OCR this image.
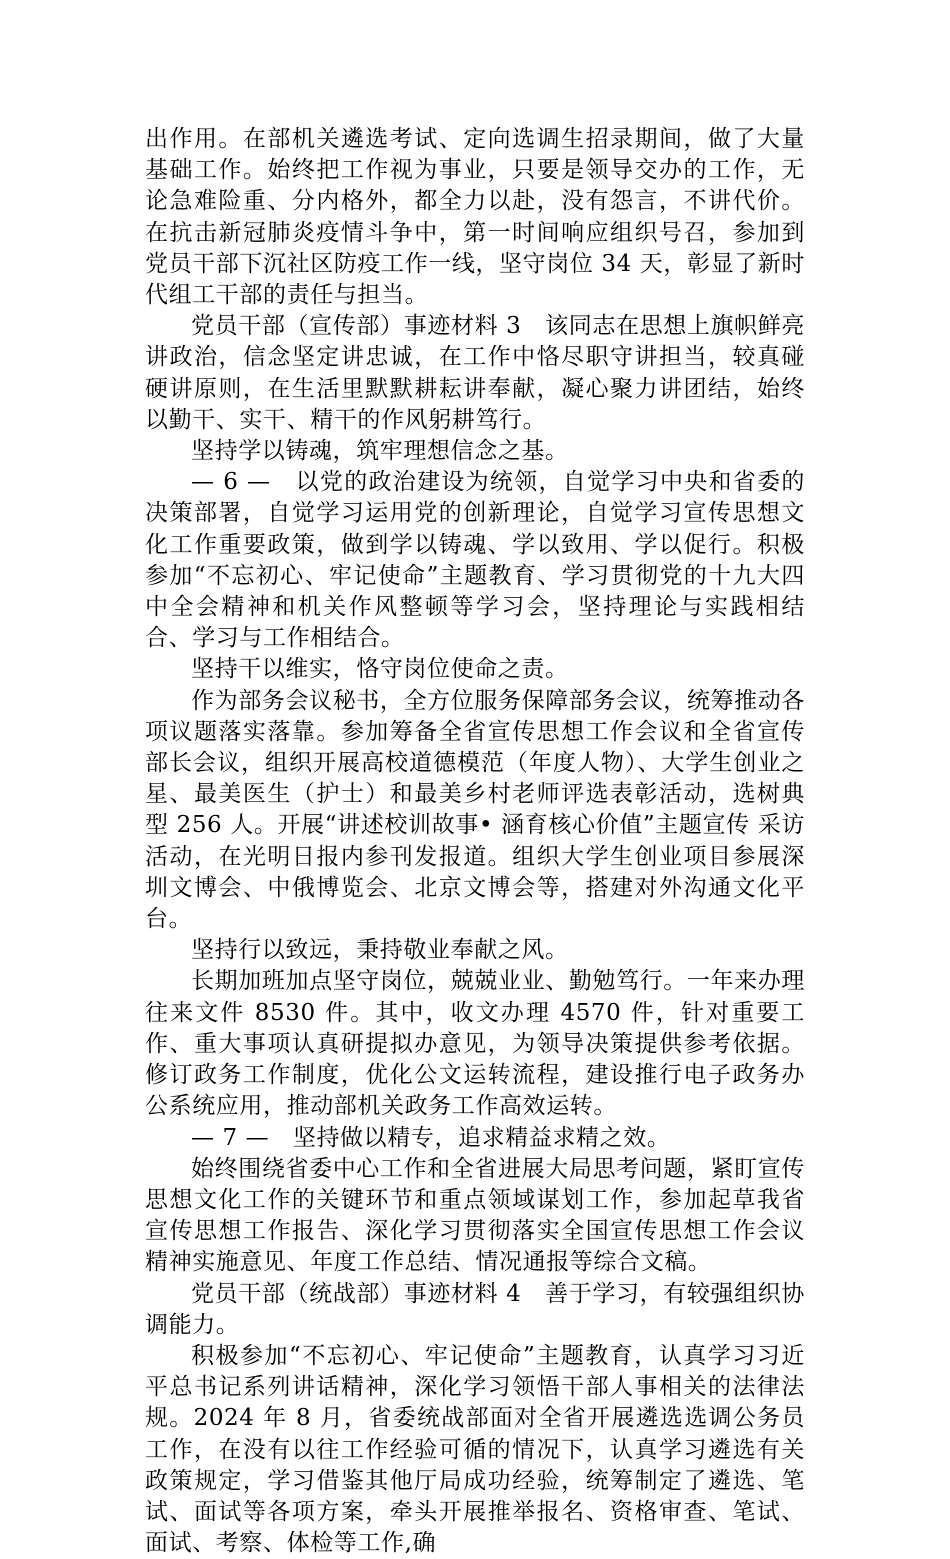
出作用。在部机关遴选考试、定向选调生招录期间，做了大量基础工作。始终把工作视为事业，只要是领导交办的工作，无论急难险重、分内格外，都全力以赴，没有怨言，不讲代价。在抗击新冠肺炎疫情斗争中，第一时间响应组织号召，参加到党员干部下沉社区防疫工作一线，坚守岗位 34 天，彰显了新时代组工干部的责任与担当。

党员干部（宣传部）事迹材料 3　该同志在思想上旗帜鲜亮讲政治，信念坚定讲忠诚，在工作中恪尽职守讲担当，较真碰硬讲原则，在生活里默默耕耘讲奉献，凝心聚力讲团结，始终以勤干、实干、精干的作风躬耕笃行。

坚持学以铸魂，筑牢理想信念之基。

— 6 —　以党的政治建设为统领，自觉学习中央和省委的决策部署，自觉学习运用党的创新理论，自觉学习宣传思想文化工作重要政策，做到学以铸魂、学以致用、学以促行。积极参加“不忘初心、牢记使命”主题教育、学习贯彻党的十九大四中全会精神和机关作风整顿等学习会，坚持理论与实践相结合、学习与工作相结合。

坚持干以维实，恪守岗位使命之责。

作为部务会议秘书，全方位服务保障部务会议，统筹推动各项议题落实落靠。参加筹备全省宣传思想工作会议和全省宣传部长会议，组织开展高校道德模范（年度人物）、大学生创业之星、最美医生（护士）和最美乡村老师评选表彰活动，选树典型 256 人。开展“讲述校训故事• 涵育核心价值”主题宣传 采访活动，在光明日报内参刊发报道。组织大学生创业项目参展深圳文博会、中俄博览会、北京文博会等，搭建对外沟通文化平台。

坚持行以致远，秉持敬业奉献之风。

长期加班加点坚守岗位，兢兢业业、勤勉笃行。一年来办理往来文件 8530 件。其中，收文办理 4570 件，针对重要工作、重大事项认真研提拟办意见，为领导决策提供参考依据。修订政务工作制度，优化公文运转流程，建设推行电子政务办公系统应用，推动部机关政务工作高效运转。

— 7 —　坚持做以精专，追求精益求精之效。

始终围绕省委中心工作和全省进展大局思考问题，紧盯宣传思想文化工作的关键环节和重点领域谋划工作，参加起草我省宣传思想工作报告、深化学习贯彻落实全国宣传思想工作会议精神实施意见、年度工作总结、情况通报等综合文稿。

党员干部（统战部）事迹材料 4　善于学习，有较强组织协调能力。

积极参加“不忘初心、牢记使命”主题教育，认真学习习近平总书记系列讲话精神，深化学习领悟干部人事相关的法律法规。2024 年 8 月，省委统战部面对全省开展遴选选调公务员工作，在没有以往工作经验可循的情况下，认真学习遴选有关政策规定，学习借鉴其他厅局成功经验，统筹制定了遴选、笔试、面试等各项方案，牵头开展推举报名、资格审查、笔试、面试、考察、体检等工作,确
